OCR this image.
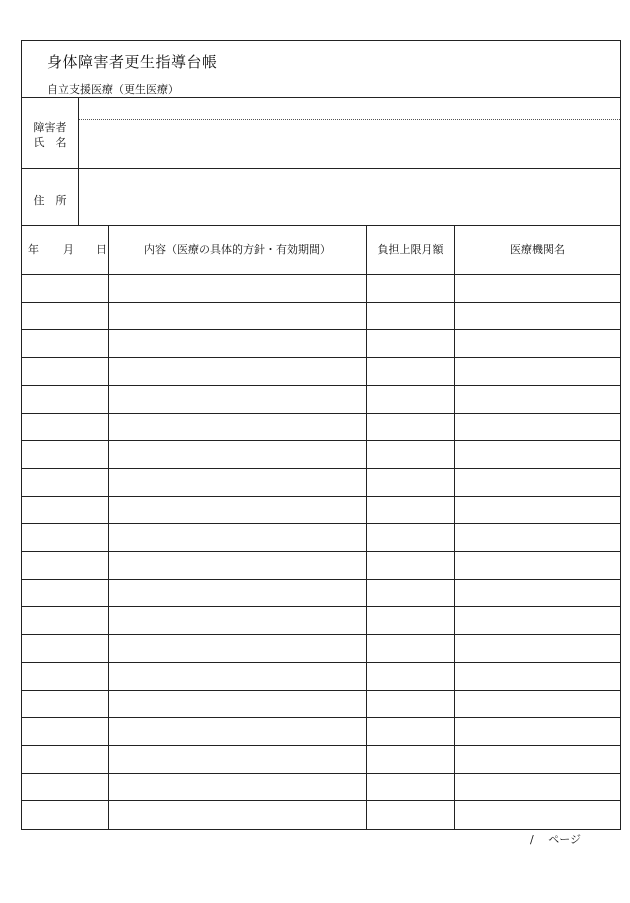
身体障害者更生指導台帳
自立支援医療（更生医療）
障害者
氏　名
住　所
年 月 日	内容（医療の具体的方針・有効期間）	負担上限月額	医療機関名
/　 ページ
